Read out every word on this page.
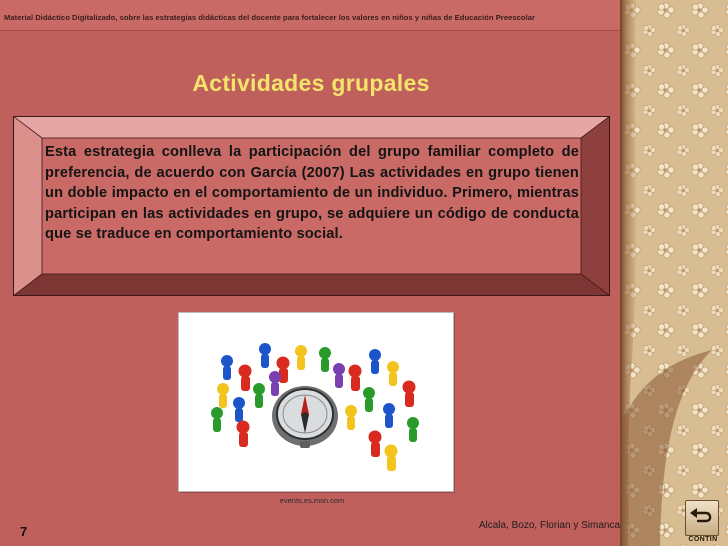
Material Didáctico Digitalizado, sobre las estrategias didácticas del docente para fortalecer los valores en niños y niñas de Educación Preescolar
Actividades grupales
Esta estrategia conlleva la participación del grupo familiar completo de preferencia, de acuerdo con García (2007) Las actividades en grupo tienen un doble impacto en el comportamiento de un individuo. Primero, mientras participan en las actividades en grupo, se adquiere un código de conducta que se traduce en comportamiento social.
events.es.msn.com
7	Alcala, Bozo, Florian y Simanca
CONTIN
